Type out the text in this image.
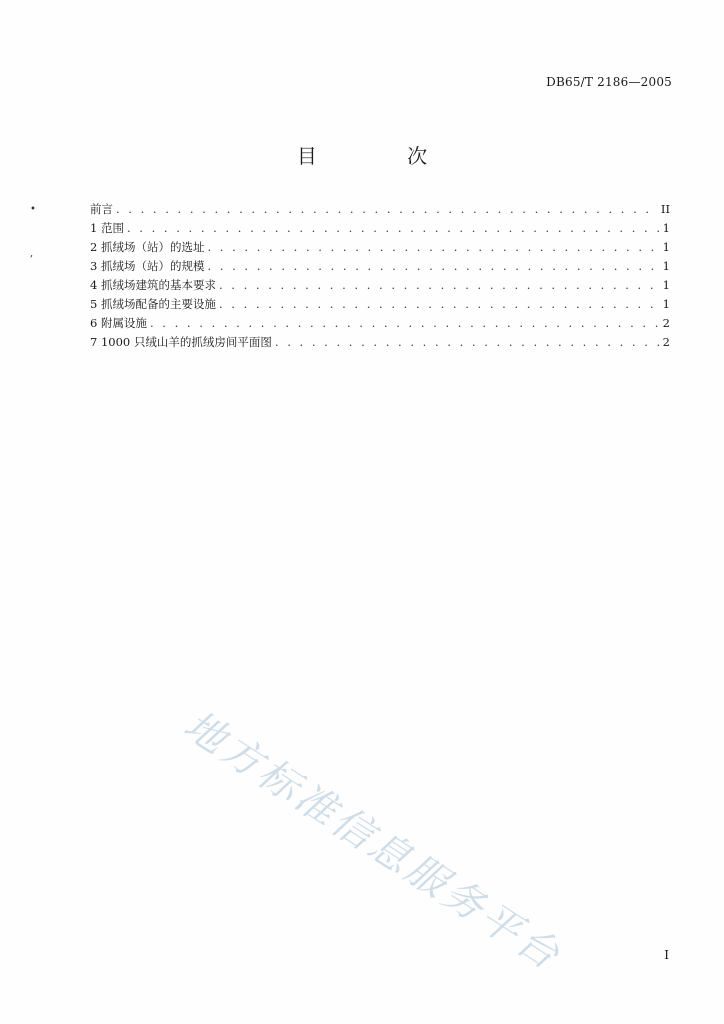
DB65/T 2186—2005
目 次
前言 . . .	II
1 范围 . . .	1
2 抓绒场（站）的选址 . . .	1
3 抓绒场（站）的规模 . . .	1
4 抓绒场建筑的基本要求 . . .	1
5 抓绒场配备的主要设施 . . .	1
6 附属设施 . . .	2
7 1000 只绒山羊的抓绒房间平面图 . . .	2
地方标准信息服务平台
•
,
I
